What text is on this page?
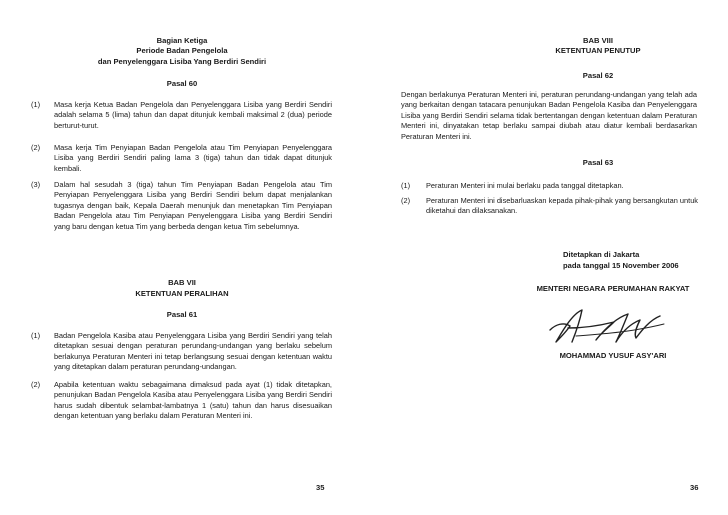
Bagian Ketiga
Periode Badan Pengelola
dan Penyelenggara Lisiba Yang Berdiri Sendiri
Pasal 60
(1) Masa kerja Ketua Badan Pengelola dan Penyelenggara Lisiba yang Berdiri Sendiri adalah selama 5 (lima) tahun dan dapat ditunjuk kembali maksimal 2 (dua) periode berturut-turut.
(2) Masa kerja Tim Penyiapan Badan Pengelola atau Tim Penyiapan Penyelenggara Lisiba yang Berdiri Sendiri paling lama 3 (tiga) tahun dan tidak dapat ditunjuk kembali.
(3) Dalam hal sesudah 3 (tiga) tahun Tim Penyiapan Badan Pengelola atau Tim Penyiapan Penyelenggara Lisiba yang Berdiri Sendiri belum dapat menjalankan tugasnya dengan baik, Kepala Daerah menunjuk dan menetapkan Tim Penyiapan Badan Pengelola atau Tim Penyiapan Penyelenggara Lisiba yang Berdiri Sendiri yang baru dengan ketua Tim yang berbeda dengan ketua Tim sebelumnya.
BAB VII
KETENTUAN PERALIHAN
Pasal 61
(1) Badan Pengelola Kasiba atau Penyelenggara Lisiba yang Berdiri Sendiri yang telah ditetapkan sesuai dengan peraturan perundang-undangan yang berlaku sebelum berlakunya Peraturan Menteri ini tetap berlangsung sesuai dengan ketentuan waktu yang ditetapkan dalam peraturan perundang-undangan.
(2) Apabila ketentuan waktu sebagaimana dimaksud pada ayat (1) tidak ditetapkan, penunjukan Badan Pengelola Kasiba atau Penyelenggara Lisiba yang Berdiri Sendiri harus sudah dibentuk selambat-lambatnya 1 (satu) tahun dan harus disesuaikan dengan ketentuan yang berlaku dalam Peraturan Menteri ini.
35
BAB VIII
KETENTUAN PENUTUP
Pasal 62
Dengan berlakunya Peraturan Menteri ini, peraturan perundang-undangan yang telah ada yang berkaitan dengan tatacara penunjukan Badan Pengelola Kasiba dan Penyelenggara Lisiba yang Berdiri Sendiri selama tidak bertentangan dengan ketentuan dalam Peraturan Menteri ini, dinyatakan tetap berlaku sampai diubah atau diatur kembali berdasarkan Peraturan Menteri ini.
Pasal 63
(1) Peraturan Menteri ini mulai berlaku pada tanggal ditetapkan.
(2) Peraturan Menteri ini disebarluaskan kepada pihak-pihak yang bersangkutan untuk diketahui dan dilaksanakan.
Ditetapkan di Jakarta
pada tanggal 15 November 2006
MENTERI NEGARA PERUMAHAN RAKYAT
MOHAMMAD YUSUF ASY'ARI
36
